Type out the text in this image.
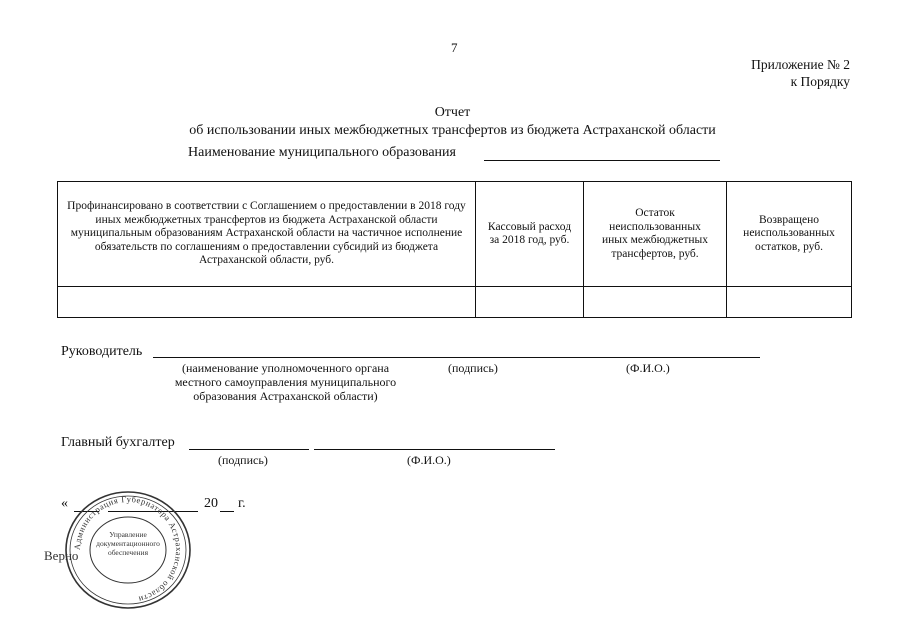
7
Приложение № 2
к Порядку
Отчет
об использовании иных межбюджетных трансфертов из бюджета Астраханской области
Наименование муниципального образования
Профинансировано в соответствии с Соглашением о предоставлении в 2018 году иных межбюджетных трансфертов из бюджета Астраханской области муниципальным образованиям Астраханской области на частичное исполнение обязательств по соглашениям о предоставлении субсидий из бюджета Астраханской области, руб.	Кассовый расход за 2018 год, руб.	Остаток неиспользованных иных межбюджетных трансфертов, руб.	Возвращено неиспользованных остатков, руб.

Руководитель
(наименование уполномоченного органа местного самоуправления муниципального образования Астраханской области)
(подпись)	(Ф.И.О.)
Главный бухгалтер
(подпись)	(Ф.И.О.)
«	20 г.
Верно
Администрация Губернатора Астраханской области
Управление документационного обеспечения
